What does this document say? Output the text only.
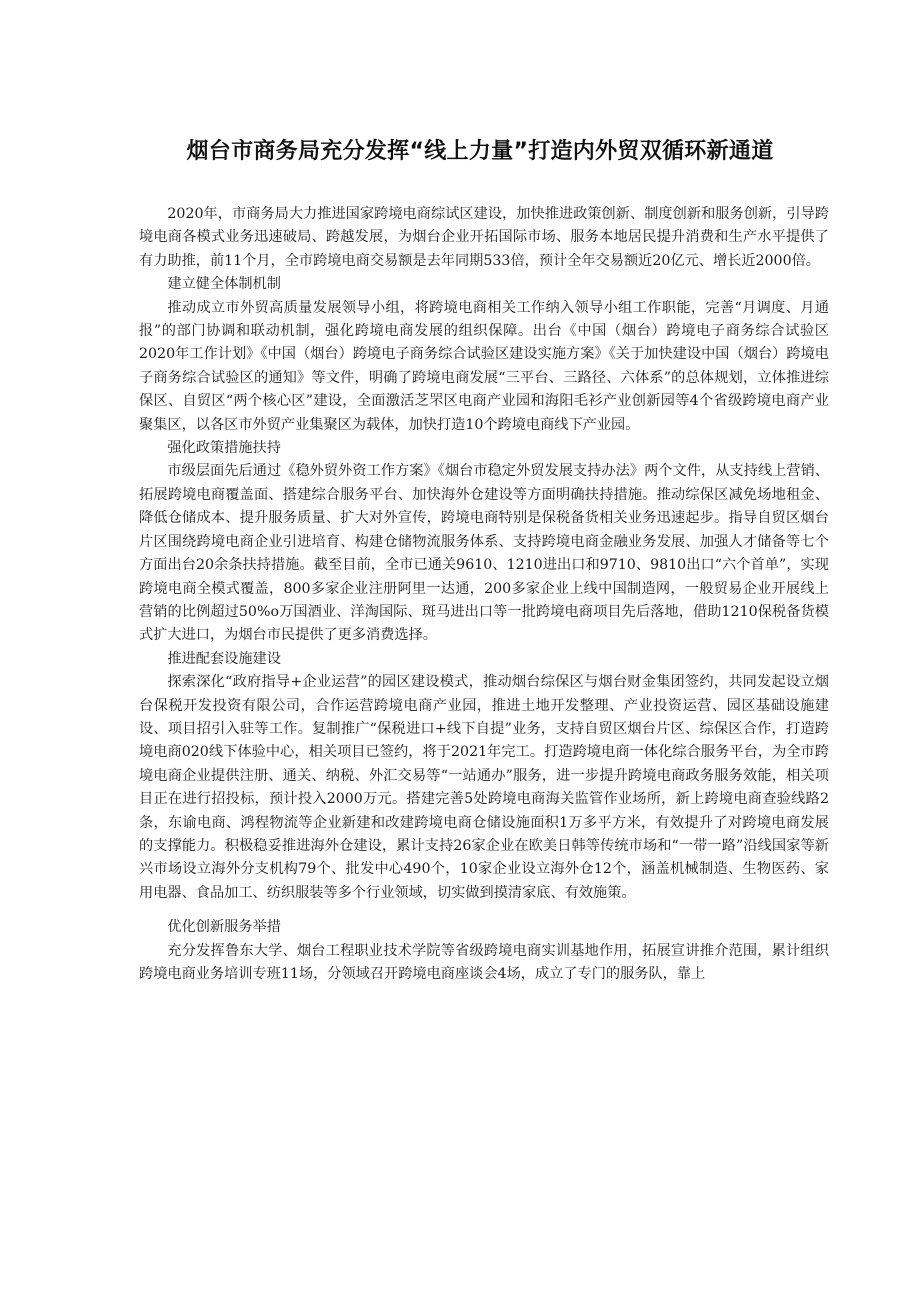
烟台市商务局充分发挥“线上力量”打造内外贸双循环新通道

2020年，市商务局大力推进国家跨境电商综试区建设，加快推进政策创新、制度创新和服务创新，引导跨境电商各模式业务迅速破局、跨越发展，为烟台企业开拓国际市场、服务本地居民提升消费和生产水平提供了有力助推，前11个月，全市跨境电商交易额是去年同期533倍，预计全年交易额近20亿元、增长近2000倍。

建立健全体制机制

推动成立市外贸高质量发展领导小组，将跨境电商相关工作纳入领导小组工作职能，完善“月调度、月通报”的部门协调和联动机制，强化跨境电商发展的组织保障。出台《中国（烟台）跨境电子商务综合试验区2020年工作计划》《中国（烟台）跨境电子商务综合试验区建设实施方案》《关于加快建设中国（烟台）跨境电子商务综合试验区的通知》等文件，明确了跨境电商发展“三平台、三路径、六体系”的总体规划，立体推进综保区、自贸区“两个核心区”建设，全面激活芝罘区电商产业园和海阳毛衫产业创新园等4个省级跨境电商产业聚集区，以各区市外贸产业集聚区为载体，加快打造10个跨境电商线下产业园。

强化政策措施扶持

市级层面先后通过《稳外贸外资工作方案》《烟台市稳定外贸发展支持办法》两个文件，从支持线上营销、拓展跨境电商覆盖面、搭建综合服务平台、加快海外仓建设等方面明确扶持措施。推动综保区减免场地租金、降低仓储成本、提升服务质量、扩大对外宣传，跨境电商特别是保税备货相关业务迅速起步。指导自贸区烟台片区围绕跨境电商企业引进培育、构建仓储物流服务体系、支持跨境电商金融业务发展、加强人才储备等七个方面出台20余条扶持措施。截至目前，全市已通关9610、1210进出口和9710、9810出口“六个首单”，实现跨境电商全模式覆盖，800多家企业注册阿里一达通，200多家企业上线中国制造网，一般贸易企业开展线上营销的比例超过50%o万国酒业、洋淘国际、斑马进出口等一批跨境电商项目先后落地，借助1210保税备货模式扩大进口，为烟台市民提供了更多消费选择。

推进配套设施建设

探索深化“政府指导+企业运营”的园区建设模式，推动烟台综保区与烟台财金集团签约，共同发起设立烟台保税开发投资有限公司，合作运营跨境电商产业园，推进土地开发整理、产业投资运营、园区基础设施建设、项目招引入驻等工作。复制推广“保税进口+线下自提”业务，支持自贸区烟台片区、综保区合作，打造跨境电商020线下体验中心，相关项目已签约，将于2021年完工。打造跨境电商一体化综合服务平台，为全市跨境电商企业提供注册、通关、纳税、外汇交易等“一站通办”服务，进一步提升跨境电商政务服务效能，相关项目正在进行招投标，预计投入2000万元。搭建完善5处跨境电商海关监管作业场所，新上跨境电商查验线路2条，东谕电商、鸿程物流等企业新建和改建跨境电商仓储设施面积1万多平方米，有效提升了对跨境电商发展的支撑能力。积极稳妥推进海外仓建设，累计支持26家企业在欧美日韩等传统市场和“一带一路”沿线国家等新兴市场设立海外分支机构79个、批发中心490个，10家企业设立海外仓12个，涵盖机械制造、生物医药、家用电器、食品加工、纺织服装等多个行业领域，切实做到摸清家底、有效施策。

优化创新服务举措

充分发挥鲁东大学、烟台工程职业技术学院等省级跨境电商实训基地作用，拓展宣讲推介范围，累计组织跨境电商业务培训专班11场，分领域召开跨境电商座谈会4场，成立了专门的服务队，靠上
